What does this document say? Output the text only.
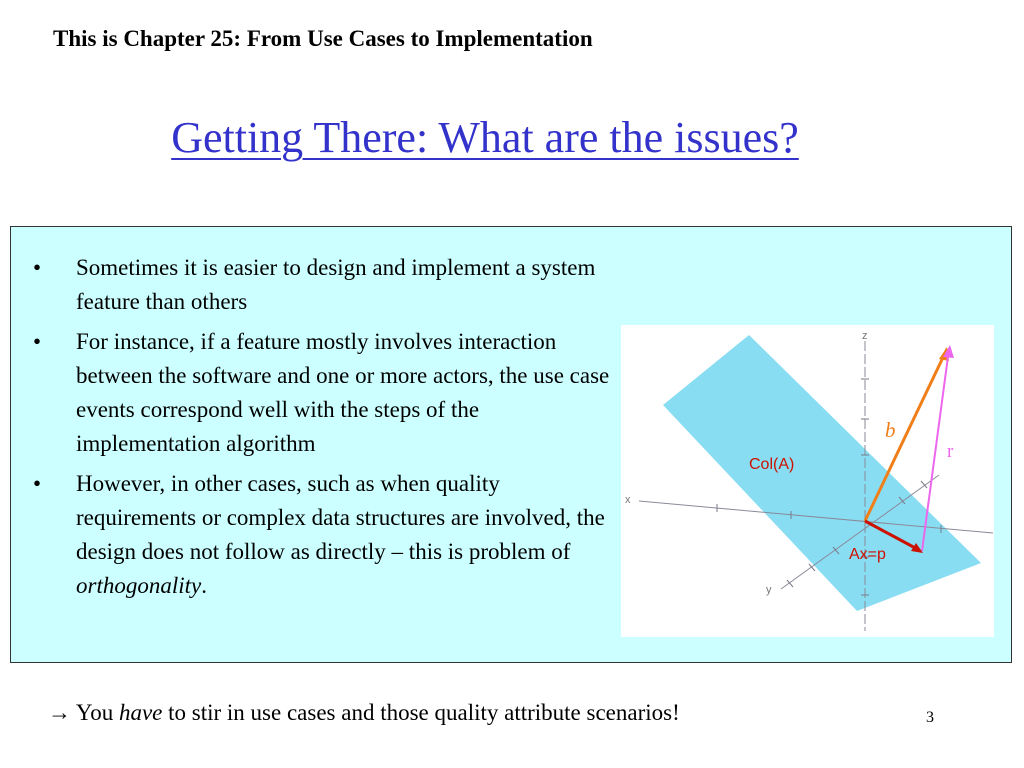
This is Chapter 25: From Use Cases to Implementation
Getting There: What are the issues?
• Sometimes it is easier to design and implement a system feature than others
• For instance, if a feature mostly involves interaction between the software and one or more actors, the use case events correspond well with the steps of the implementation algorithm
• However, in other cases, such as when quality requirements or complex data structures are involved, the design does not follow as directly – this is problem of orthogonality.
z
x
y
Col(A)
b
r
Ax=p
→ You have to stir in use cases and those quality attribute scenarios!	3
